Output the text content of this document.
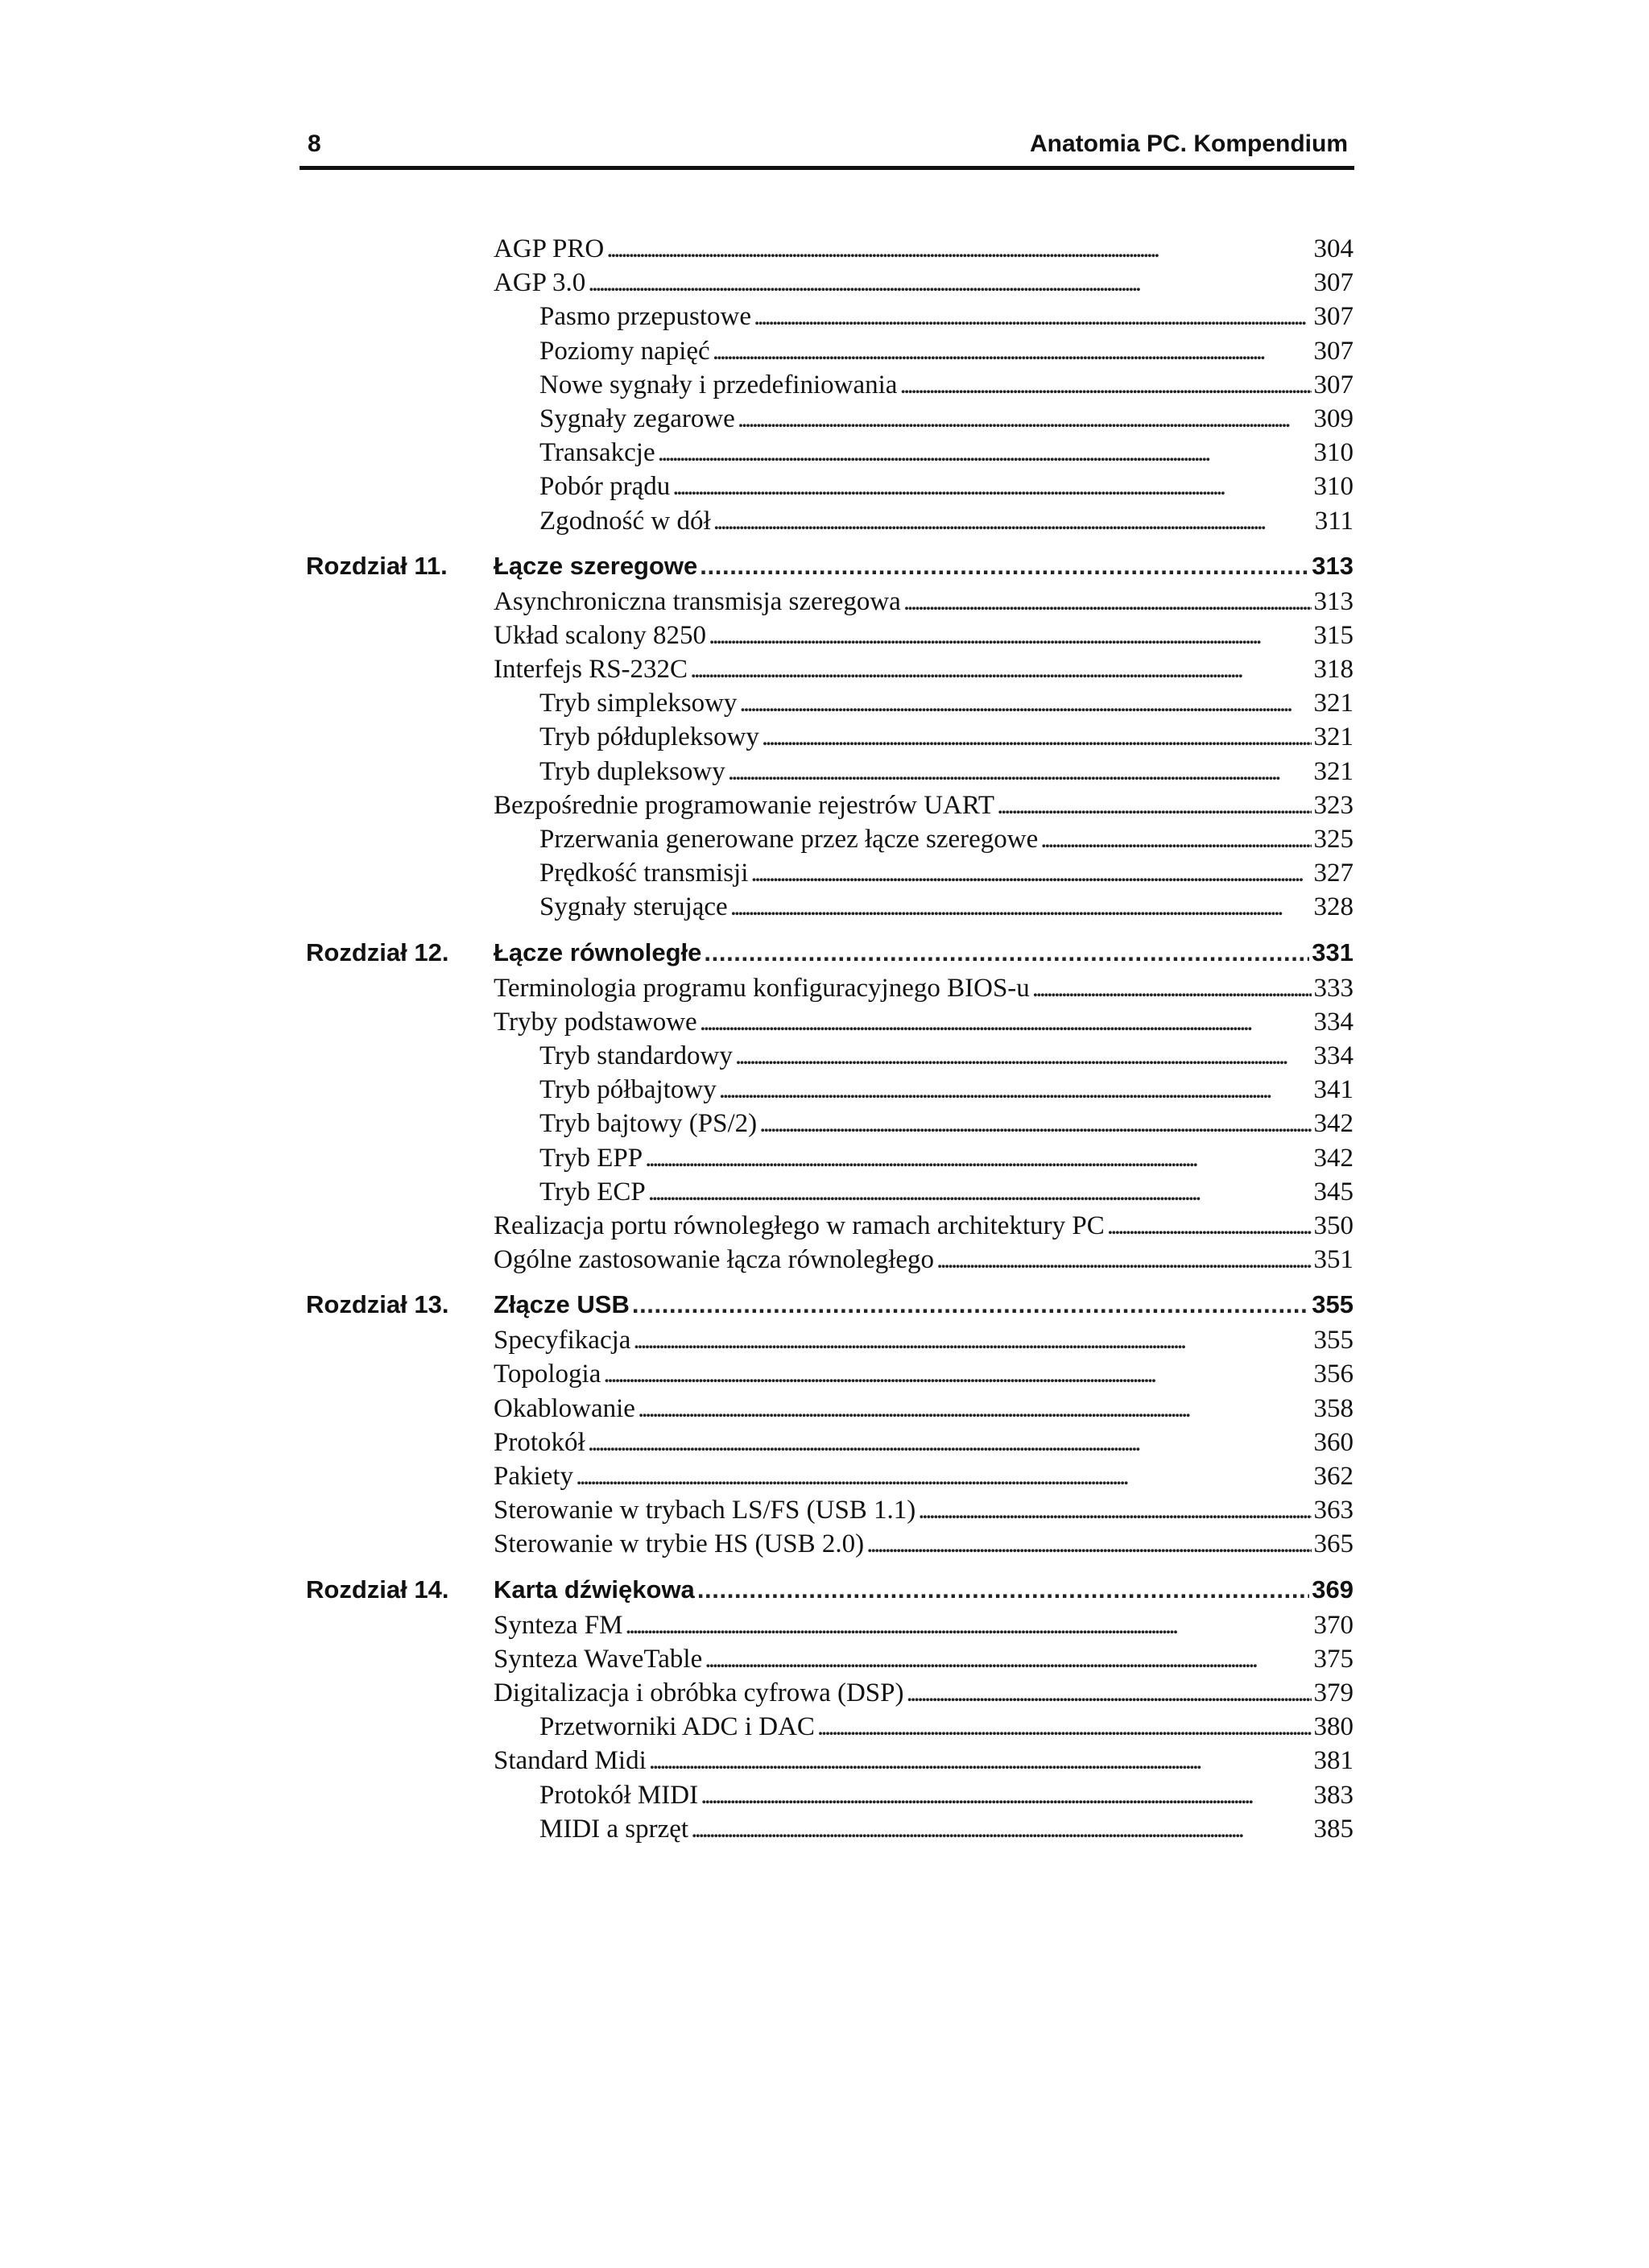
8	Anatomia PC. Kompendium
AGP PRO . . .	304
AGP 3.0 . . .	307
Pasmo przepustowe . . .	307
Poziomy napięć . . .	307
Nowe sygnały i przedefiniowania . . .	307
Sygnały zegarowe . . .	309
Transakcje . . .	310
Pobór prądu . . .	310
Zgodność w dół . . .	311
Rozdział 11. Łącze szeregowe . . .	313
Asynchroniczna transmisja szeregowa . . .	313
Układ scalony 8250 . . .	315
Interfejs RS-232C . . .	318
Tryb simpleksowy . . .	321
Tryb półdupleksowy . . .	321
Tryb dupleksowy . . .	321
Bezpośrednie programowanie rejestrów UART . . .	323
Przerwania generowane przez łącze szeregowe . . .	325
Prędkość transmisji . . .	327
Sygnały sterujące . . .	328
Rozdział 12. Łącze równoległe . . .	331
Terminologia programu konfiguracyjnego BIOS-u . . .	333
Tryby podstawowe . . .	334
Tryb standardowy . . .	334
Tryb półbajtowy . . .	341
Tryb bajtowy (PS/2) . . .	342
Tryb EPP . . .	342
Tryb ECP . . .	345
Realizacja portu równoległego w ramach architektury PC . . .	350
Ogólne zastosowanie łącza równoległego . . .	351
Rozdział 13. Złącze USB . . .	355
Specyfikacja . . .	355
Topologia . . .	356
Okablowanie . . .	358
Protokół . . .	360
Pakiety . . .	362
Sterowanie w trybach LS/FS (USB 1.1) . . .	363
Sterowanie w trybie HS (USB 2.0) . . .	365
Rozdział 14. Karta dźwiękowa . . .	369
Synteza FM . . .	370
Synteza WaveTable . . .	375
Digitalizacja i obróbka cyfrowa (DSP) . . .	379
Przetworniki ADC i DAC . . .	380
Standard Midi . . .	381
Protokół MIDI . . .	383
MIDI a sprzęt . . .	385
